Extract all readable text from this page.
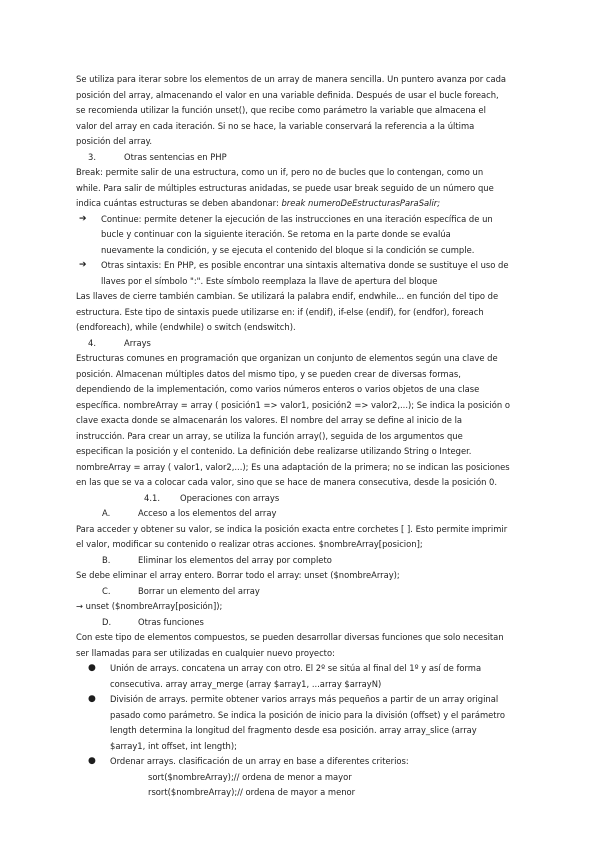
Se utiliza para iterar sobre los elementos de un array de manera sencilla. Un puntero avanza por cada
posición del array, almacenando el valor en una variable definida. Después de usar el bucle foreach,
se recomienda utilizar la función unset(), que recibe como parámetro la variable que almacena el
valor del array en cada iteración. Si no se hace, la variable conservará la referencia a la última
posición del array.
3.	Otras sentencias en PHP
Break: permite salir de una estructura, como un if, pero no de bucles que lo contengan, como un
while. Para salir de múltiples estructuras anidadas, se puede usar break seguido de un número que
indica cuántas estructuras se deben abandonar: break numeroDeEstructurasParaSalir;
➔	Continue: permite detener la ejecución de las instrucciones en una iteración específica de un
bucle y continuar con la siguiente iteración. Se retoma en la parte donde se evalúa
nuevamente la condición, y se ejecuta el contenido del bloque si la condición se cumple.
➔	Otras sintaxis: En PHP, es posible encontrar una sintaxis alternativa donde se sustituye el uso de
llaves por el símbolo ":". Este símbolo reemplaza la llave de apertura del bloque
Las llaves de cierre también cambian. Se utilizará la palabra endif, endwhile... en función del tipo de
estructura. Este tipo de sintaxis puede utilizarse en: if (endif), if-else (endif), for (endfor), foreach
(endforeach), while (endwhile) o switch (endswitch).
4.	Arrays
Estructuras comunes en programación que organizan un conjunto de elementos según una clave de
posición. Almacenan múltiples datos del mismo tipo, y se pueden crear de diversas formas,
dependiendo de la implementación, como varios números enteros o varios objetos de una clase
específica. nombreArray = array ( posición1 => valor1, posición2 => valor2,...); Se indica la posición o
clave exacta donde se almacenarán los valores. El nombre del array se define al inicio de la
instrucción. Para crear un array, se utiliza la función array(), seguida de los argumentos que
especifican la posición y el contenido. La definición debe realizarse utilizando String o Integer.
nombreArray = array ( valor1, valor2,...); Es una adaptación de la primera; no se indican las posiciones
en las que se va a colocar cada valor, sino que se hace de manera consecutiva, desde la posición 0.
4.1.	Operaciones con arrays
A.	Acceso a los elementos del array
Para acceder y obtener su valor, se indica la posición exacta entre corchetes [ ]. Esto permite imprimir
el valor, modificar su contenido o realizar otras acciones. $nombreArray[posicion];
B.	Eliminar los elementos del array por completo
Se debe eliminar el array entero. Borrar todo el array: unset ($nombreArray);
C.	Borrar un elemento del array
→ unset ($nombreArray[posición]);
D.	Otras funciones
Con este tipo de elementos compuestos, se pueden desarrollar diversas funciones que solo necesitan
ser llamadas para ser utilizadas en cualquier nuevo proyecto:
●	Unión de arrays. concatena un array con otro. El 2º se sitúa al final del 1º y así de forma
consecutiva. array array_merge (array $array1, ...array $arrayN)
●	División de arrays. permite obtener varios arrays más pequeños a partir de un array original
pasado como parámetro. Se indica la posición de inicio para la división (offset) y el parámetro
length determina la longitud del fragmento desde esa posición. array array_slice (array
$array1, int offset, int length);
●	Ordenar arrays. clasificación de un array en base a diferentes criterios:
sort($nombreArray);// ordena de menor a mayor
rsort($nombreArray);// ordena de mayor a menor
